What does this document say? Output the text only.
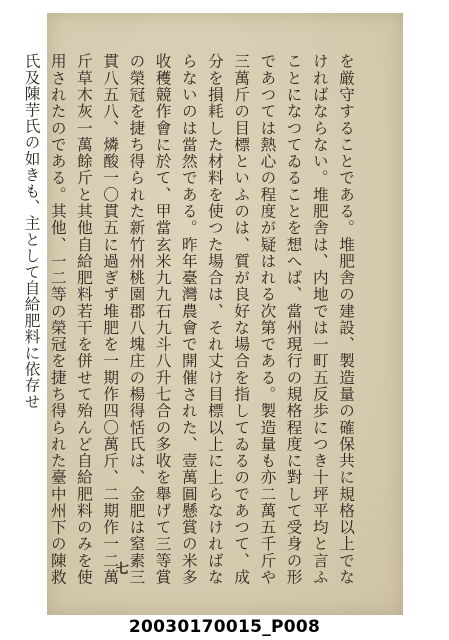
を厳守することである。堆肥舎の建設、製造量の確保共に規格以上でなければならない。堆肥舎は、内地では一町五反歩につき十坪平均と言ふことになつてゐることを想へば、當州現行の規格程度に對して受身の形であつては熱心の程度が疑はれる次第である。製造量も亦二萬五千斤や三萬斤の目標といふのは、質が良好な場合を指してゐるのであつて、成分を損耗した材料を使つた場合は、それ丈け目標以上に上らなければならないのは當然である。昨年臺灣農會で開催された、壹萬圓懸賞の米多收穫競作會に於て、甲當玄米九九石九斗八升七合の多收を舉げて三等賞の榮冠を捷ち得られた新竹州桃園郡八塊庄の楊得恬氏は、金肥は窒素三貫八五八、燐酸一〇貫五に過ぎず堆肥を一期作四〇萬斤、二期作一二萬斤草木灰一萬餘斤と其他自給肥料若干を併せて殆んど自給肥料のみを使用されたのである。其他、一二等の榮冠を捷ち得られた臺中州下の陳救氏及陳芋氏の如きも、主として自給肥料に依存せ

七
20030170015_P008
